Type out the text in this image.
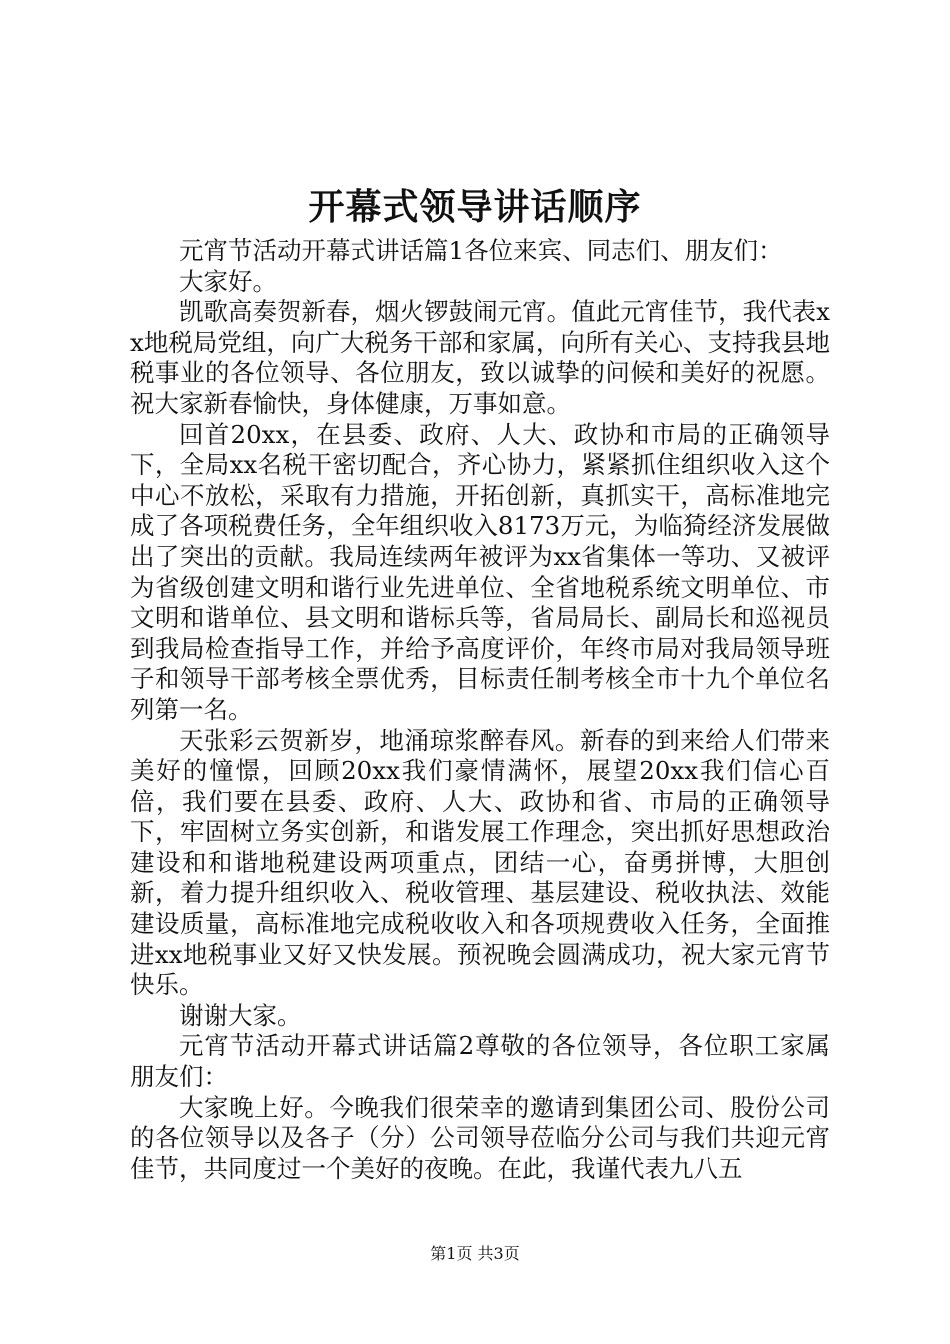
开幕式领导讲话顺序

元宵节活动开幕式讲话篇1各位来宾、同志们、朋友们：

大家好。

凯歌高奏贺新春，烟火锣鼓闹元宵。值此元宵佳节，我代表xx地税局党组，向广大税务干部和家属，向所有关心、支持我县地税事业的各位领导、各位朋友，致以诚挚的问候和美好的祝愿。祝大家新春愉快，身体健康，万事如意。

回首20xx，在县委、政府、人大、政协和市局的正确领导下，全局xx名税干密切配合，齐心协力，紧紧抓住组织收入这个中心不放松，采取有力措施，开拓创新，真抓实干，高标准地完成了各项税费任务，全年组织收入8173万元，为临猗经济发展做出了突出的贡献。我局连续两年被评为xx省集体一等功、又被评为省级创建文明和谐行业先进单位、全省地税系统文明单位、市文明和谐单位、县文明和谐标兵等，省局局长、副局长和巡视员到我局检查指导工作，并给予高度评价，年终市局对我局领导班子和领导干部考核全票优秀，目标责任制考核全市十九个单位名列第一名。

天张彩云贺新岁，地涌琼浆醉春风。新春的到来给人们带来美好的憧憬，回顾20xx我们豪情满怀，展望20xx我们信心百倍，我们要在县委、政府、人大、政协和省、市局的正确领导下，牢固树立务实创新，和谐发展工作理念，突出抓好思想政治建设和和谐地税建设两项重点，团结一心，奋勇拼博，大胆创新，着力提升组织收入、税收管理、基层建设、税收执法、效能建设质量，高标准地完成税收收入和各项规费收入任务，全面推进xx地税事业又好又快发展。预祝晚会圆满成功，祝大家元宵节快乐。

谢谢大家。

元宵节活动开幕式讲话篇2尊敬的各位领导，各位职工家属朋友们：

大家晚上好。今晚我们很荣幸的邀请到集团公司、股份公司的各位领导以及各子（分）公司领导莅临分公司与我们共迎元宵佳节，共同度过一个美好的夜晚。在此，我谨代表九八五

第1页 共3页
